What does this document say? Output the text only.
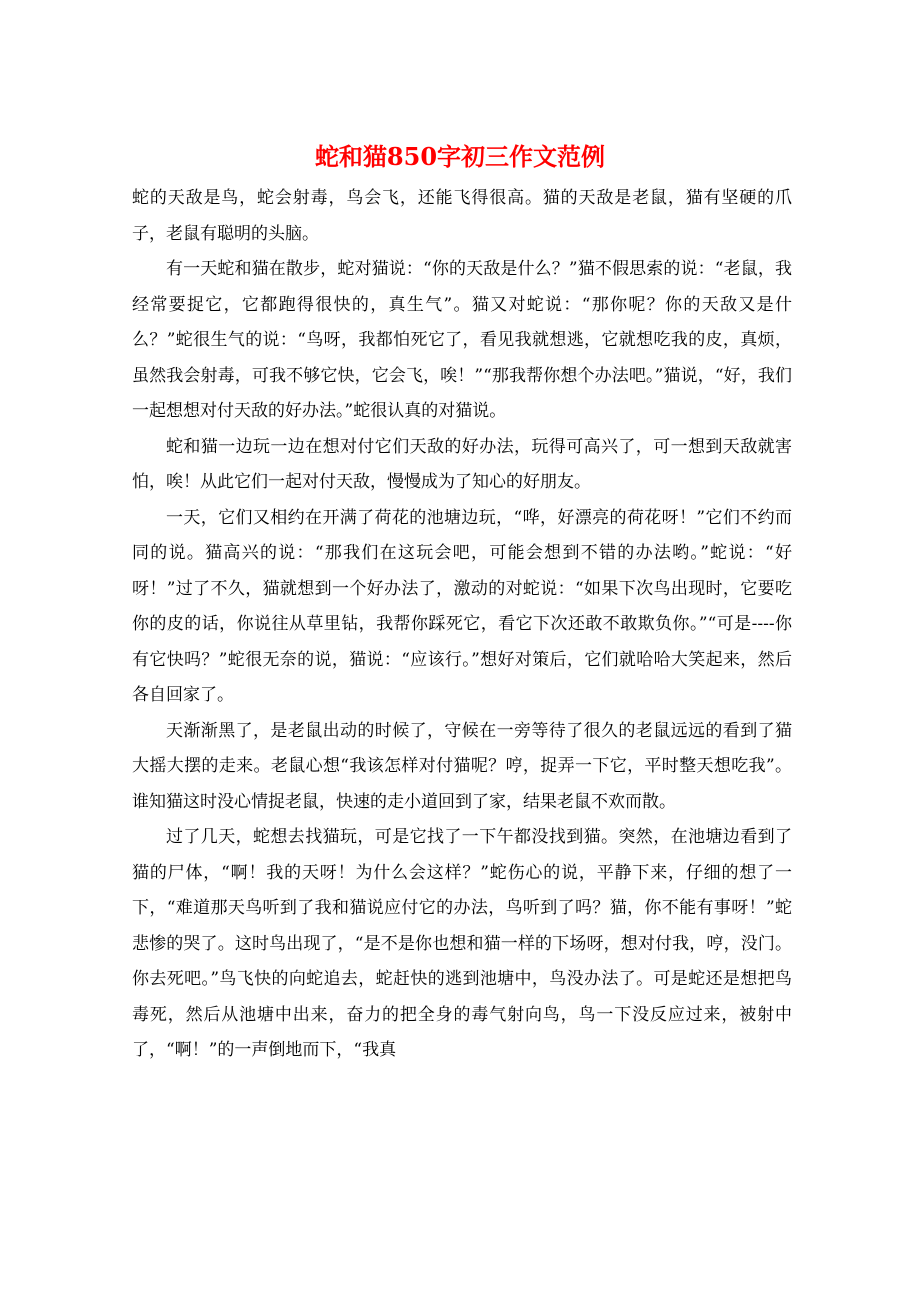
蛇和猫850字初三作文范例

蛇的天敌是鸟，蛇会射毒，鸟会飞，还能飞得很高。猫的天敌是老鼠，猫有坚硬的爪子，老鼠有聪明的头脑。

有一天蛇和猫在散步，蛇对猫说：“你的天敌是什么？”猫不假思索的说：“老鼠，我经常要捉它，它都跑得很快的，真生气”。猫又对蛇说：“那你呢？你的天敌又是什么？”蛇很生气的说：“鸟呀，我都怕死它了，看见我就想逃，它就想吃我的皮，真烦，虽然我会射毒，可我不够它快，它会飞，唉！”“那我帮你想个办法吧。”猫说，“好，我们一起想想对付天敌的好办法。”蛇很认真的对猫说。

蛇和猫一边玩一边在想对付它们天敌的好办法，玩得可高兴了，可一想到天敌就害怕，唉！从此它们一起对付天敌，慢慢成为了知心的好朋友。

一天，它们又相约在开满了荷花的池塘边玩，“哗，好漂亮的荷花呀！”它们不约而同的说。猫高兴的说：“那我们在这玩会吧，可能会想到不错的办法哟。”蛇说：“好呀！”过了不久，猫就想到一个好办法了，激动的对蛇说：“如果下次鸟出现时，它要吃你的皮的话，你说往从草里钻，我帮你踩死它，看它下次还敢不敢欺负你。”“可是----你有它快吗？”蛇很无奈的说，猫说：“应该行。”想好对策后，它们就哈哈大笑起来，然后各自回家了。

天渐渐黑了，是老鼠出动的时候了，守候在一旁等待了很久的老鼠远远的看到了猫大摇大摆的走来。老鼠心想“我该怎样对付猫呢？哼，捉弄一下它，平时整天想吃我”。谁知猫这时没心情捉老鼠，快速的走小道回到了家，结果老鼠不欢而散。

过了几天，蛇想去找猫玩，可是它找了一下午都没找到猫。突然，在池塘边看到了猫的尸体，“啊！我的天呀！为什么会这样？”蛇伤心的说，平静下来，仔细的想了一下，“难道那天鸟听到了我和猫说应付它的办法，鸟听到了吗？猫，你不能有事呀！”蛇悲惨的哭了。这时鸟出现了，“是不是你也想和猫一样的下场呀，想对付我，哼，没门。你去死吧。”鸟飞快的向蛇追去，蛇赶快的逃到池塘中，鸟没办法了。可是蛇还是想把鸟毒死，然后从池塘中出来，奋力的把全身的毒气射向鸟，鸟一下没反应过来，被射中了，“啊！”的一声倒地而下，“我真
